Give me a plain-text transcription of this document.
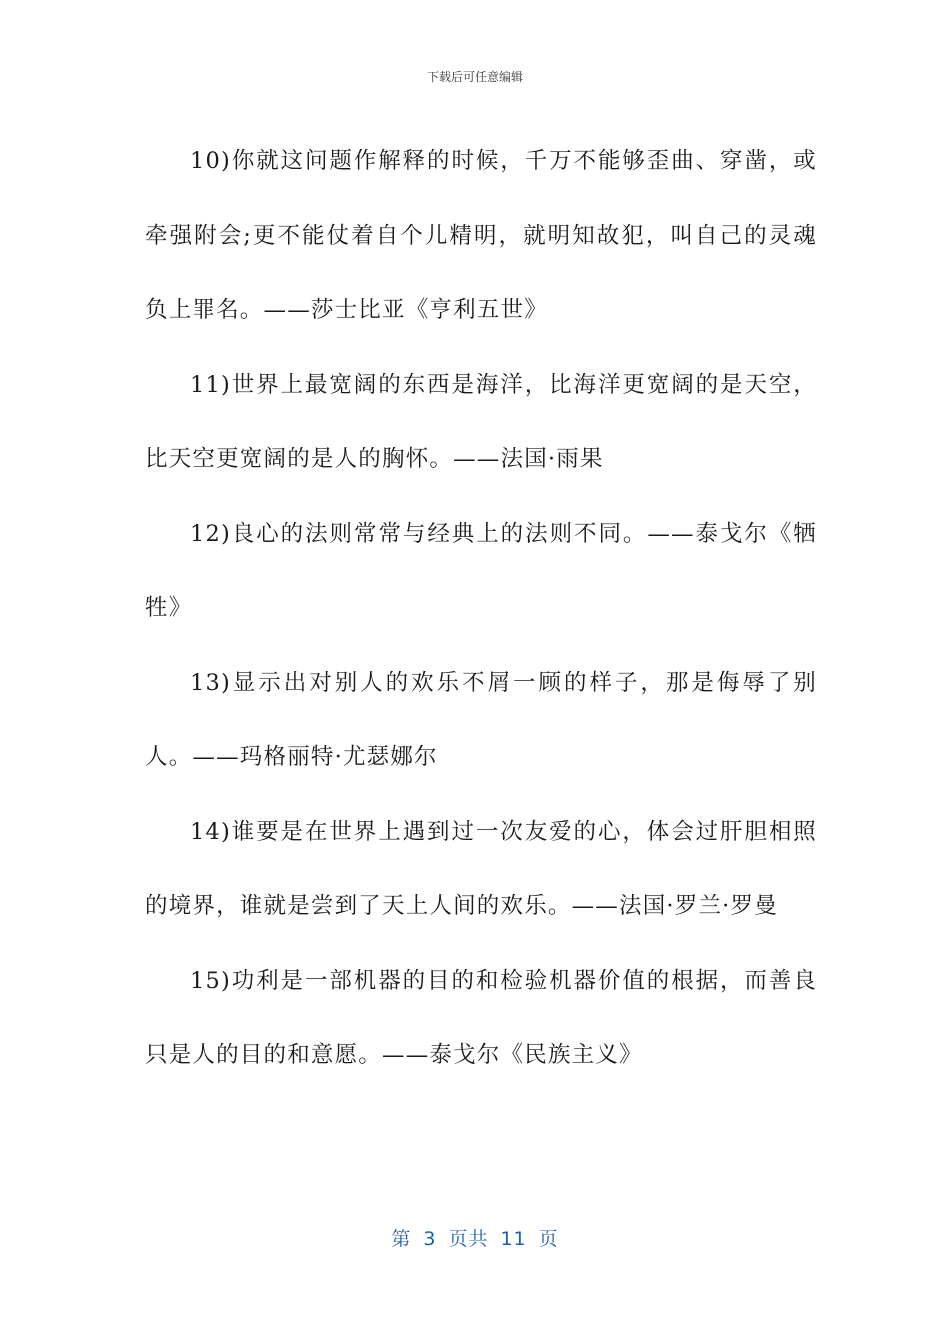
下载后可任意编辑

10)你就这问题作解释的时候，千万不能够歪曲、穿凿，或牵强附会;更不能仗着自个儿精明，就明知故犯，叫自己的灵魂负上罪名。——莎士比亚《亨利五世》

11)世界上最宽阔的东西是海洋，比海洋更宽阔的是天空，比天空更宽阔的是人的胸怀。——法国·雨果

12)良心的法则常常与经典上的法则不同。——泰戈尔《牺牲》

13)显示出对别人的欢乐不屑一顾的样子，那是侮辱了别人。——玛格丽特·尤瑟娜尔

14)谁要是在世界上遇到过一次友爱的心，体会过肝胆相照的境界，谁就是尝到了天上人间的欢乐。——法国·罗兰·罗曼

15)功利是一部机器的目的和检验机器价值的根据，而善良只是人的目的和意愿。——泰戈尔《民族主义》

第 3 页共 11 页
